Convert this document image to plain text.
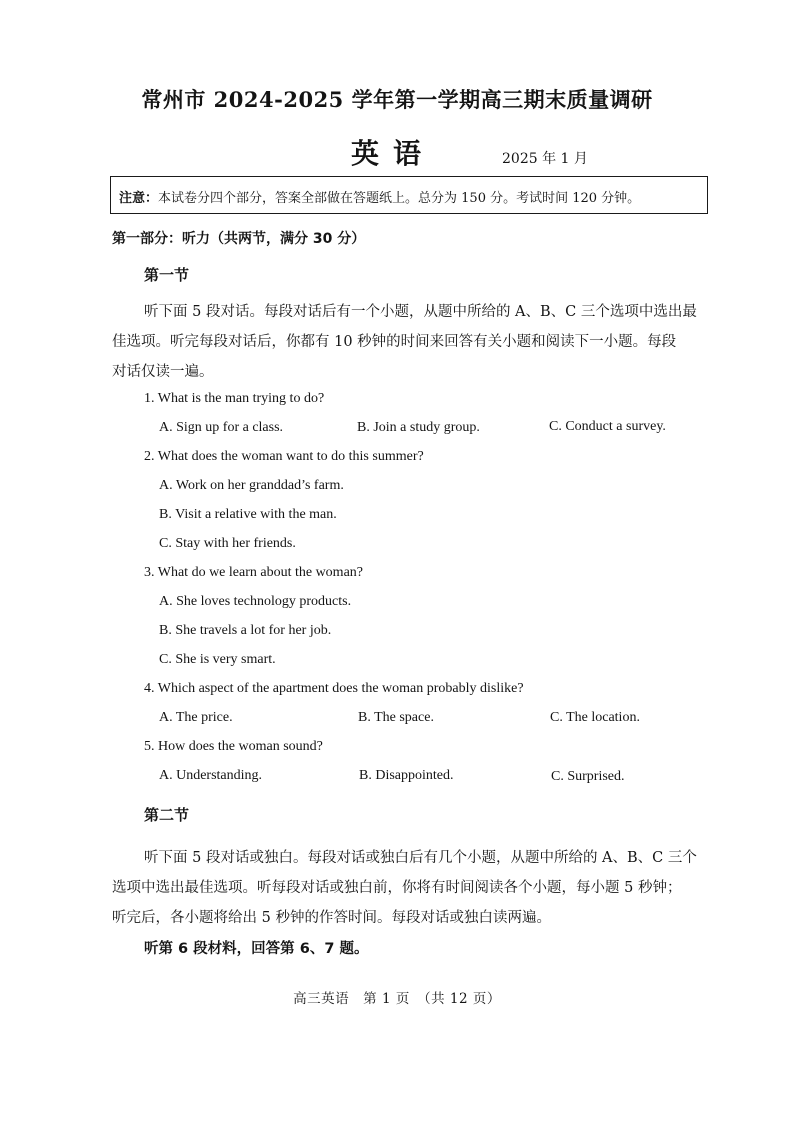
常州市 2024-2025 学年第一学期高三期末质量调研
英语	2025 年 1 月
注意：本试卷分四个部分，答案全部做在答题纸上。总分为 150 分。考试时间 120 分钟。
第一部分：听力（共两节，满分 30 分）
第一节
听下面 5 段对话。每段对话后有一个小题，从题中所给的 A、B、C 三个选项中选出最
佳选项。听完每段对话后，你都有 10 秒钟的时间来回答有关小题和阅读下一小题。每段
对话仅读一遍。
1. What is the man trying to do?
A. Sign up for a class.	B. Join a study group.	C. Conduct a survey.
2. What does the woman want to do this summer?
A. Work on her granddad’s farm.
B. Visit a relative with the man.
C. Stay with her friends.
3. What do we learn about the woman?
A. She loves technology products.
B. She travels a lot for her job.
C. She is very smart.
4. Which aspect of the apartment does the woman probably dislike?
A. The price.	B. The space.	C. The location.
5. How does the woman sound?
A. Understanding.	B. Disappointed.	C. Surprised.
第二节
听下面 5 段对话或独白。每段对话或独白后有几个小题，从题中所给的 A、B、C 三个
选项中选出最佳选项。听每段对话或独白前，你将有时间阅读各个小题，每小题 5 秒钟；
听完后，各小题将给出 5 秒钟的作答时间。每段对话或独白读两遍。
听第 6 段材料，回答第 6、7 题。
高三英语　第 1 页　（共 12 页）
